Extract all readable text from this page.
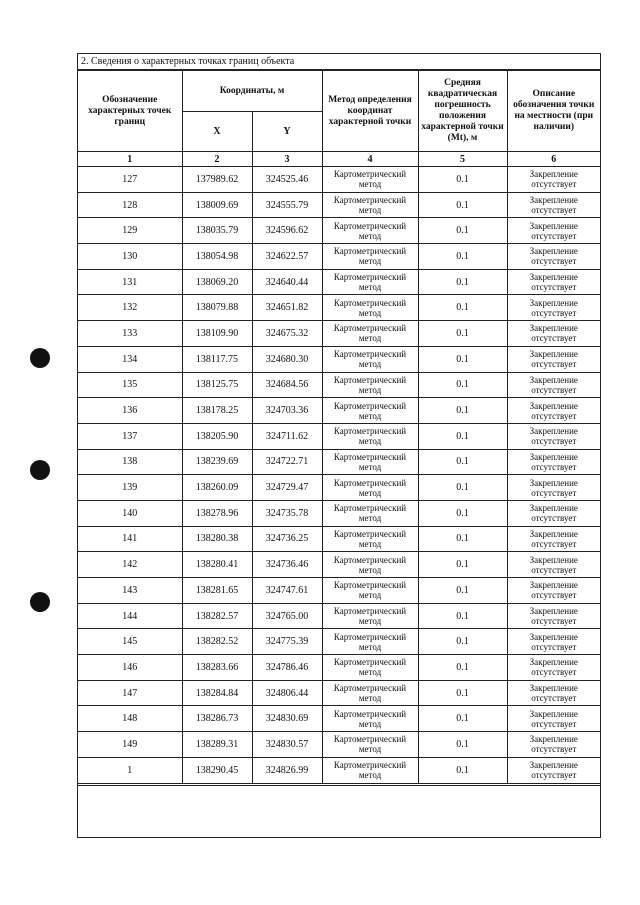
2. Сведения о характерных точках границ объекта
Обозначение характерных точек границ	Координаты, м		Метод определения координат характерной точки	Средняя квадратическая погрешность положения характерной точки (Mt), м	Описание обозначения точки на местности (при наличии)
	X	Y			
1	2	3	4	5	6
127	137989.62	324525.46	Картометрический метод	0.1	Закрепление отсутствует
128	138009.69	324555.79	Картометрический метод	0.1	Закрепление отсутствует
129	138035.79	324596.62	Картометрический метод	0.1	Закрепление отсутствует
130	138054.98	324622.57	Картометрический метод	0.1	Закрепление отсутствует
131	138069.20	324640.44	Картометрический метод	0.1	Закрепление отсутствует
132	138079.88	324651.82	Картометрический метод	0.1	Закрепление отсутствует
133	138109.90	324675.32	Картометрический метод	0.1	Закрепление отсутствует
134	138117.75	324680.30	Картометрический метод	0.1	Закрепление отсутствует
135	138125.75	324684.56	Картометрический метод	0.1	Закрепление отсутствует
136	138178.25	324703.36	Картометрический метод	0.1	Закрепление отсутствует
137	138205.90	324711.62	Картометрический метод	0.1	Закрепление отсутствует
138	138239.69	324722.71	Картометрический метод	0.1	Закрепление отсутствует
139	138260.09	324729.47	Картометрический метод	0.1	Закрепление отсутствует
140	138278.96	324735.78	Картометрический метод	0.1	Закрепление отсутствует
141	138280.38	324736.25	Картометрический метод	0.1	Закрепление отсутствует
142	138280.41	324736.46	Картометрический метод	0.1	Закрепление отсутствует
143	138281.65	324747.61	Картометрический метод	0.1	Закрепление отсутствует
144	138282.57	324765.00	Картометрический метод	0.1	Закрепление отсутствует
145	138282.52	324775.39	Картометрический метод	0.1	Закрепление отсутствует
146	138283.66	324786.46	Картометрический метод	0.1	Закрепление отсутствует
147	138284.84	324806.44	Картометрический метод	0.1	Закрепление отсутствует
148	138286.73	324830.69	Картометрический метод	0.1	Закрепление отсутствует
149	138289.31	324830.57	Картометрический метод	0.1	Закрепление отсутствует
1	138290.45	324826.99	Картометрический метод	0.1	Закрепление отсутствует
